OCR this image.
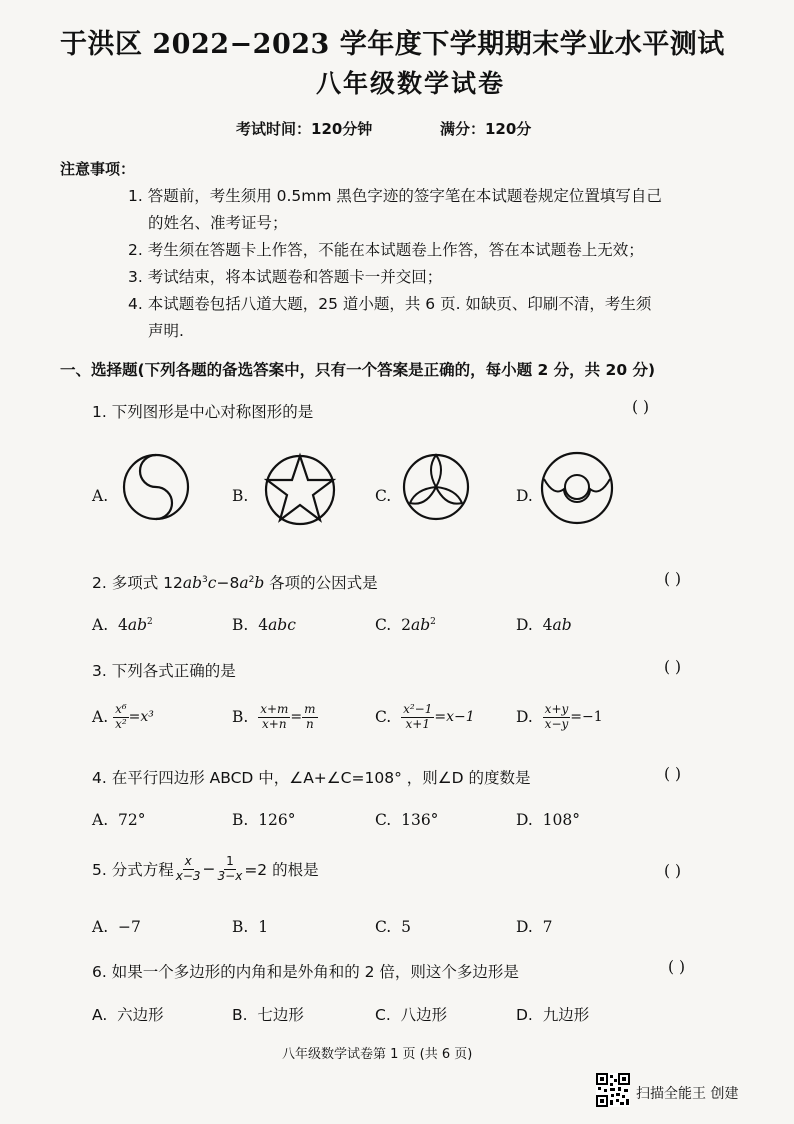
于洪区 2022−2023 学年度下学期期末学业水平测试
八年级数学试卷
考试时间：120分钟	满分：120分
注意事项：
1. 答题前，考生须用 0.5mm 黑色字迹的签字笔在本试题卷规定位置填写自己
的姓名、准考证号；
2. 考生须在答题卡上作答，不能在本试题卷上作答，答在本试题卷上无效；
3. 考试结束，将本试题卷和答题卡一并交回；
4. 本试题卷包括八道大题，25 道小题，共 6 页. 如缺页、印刷不清，考生须
声明.
一、选择题(下列各题的备选答案中，只有一个答案是正确的，每小题 2 分，共 20 分)
1. 下列图形是中心对称图形的是	( )
A.	B.	C.	D.
2. 多项式 $12ab^3c-8a^2b$ 各项的公因式是	( )
A. $4ab^2$	B. 4abc	C. $2ab^2$	D. 4ab
3. 下列各式正确的是	( )
A. $\frac{\text{x⁶}}{\text{x²}} =x^3$	B. $\frac{x+m}{x+n} = \frac{m}{n}$	C. $\frac{\text{x²−1}}{x+1} =x-1$	D. $\frac{x+y}{x-y} =-1$
4. 在平行四边形 ABCD 中，∠A+∠C=108° ，则∠D 的度数是	( )
A. 72°	B. 126°	C. 136°	D. 108°
5. 分式方程 $\frac{x}{x-3} - \frac{1}{3-x} =2$ 的根是	( )
A. −7	B. 1	C. 5	D. 7
6. 如果一个多边形的内角和是外角和的 2 倍，则这个多边形是	( )
A. 六边形	B. 七边形	C. 八边形	D. 九边形
八年级数学试卷第 1 页 (共 6 页)
扫描全能王 创建
